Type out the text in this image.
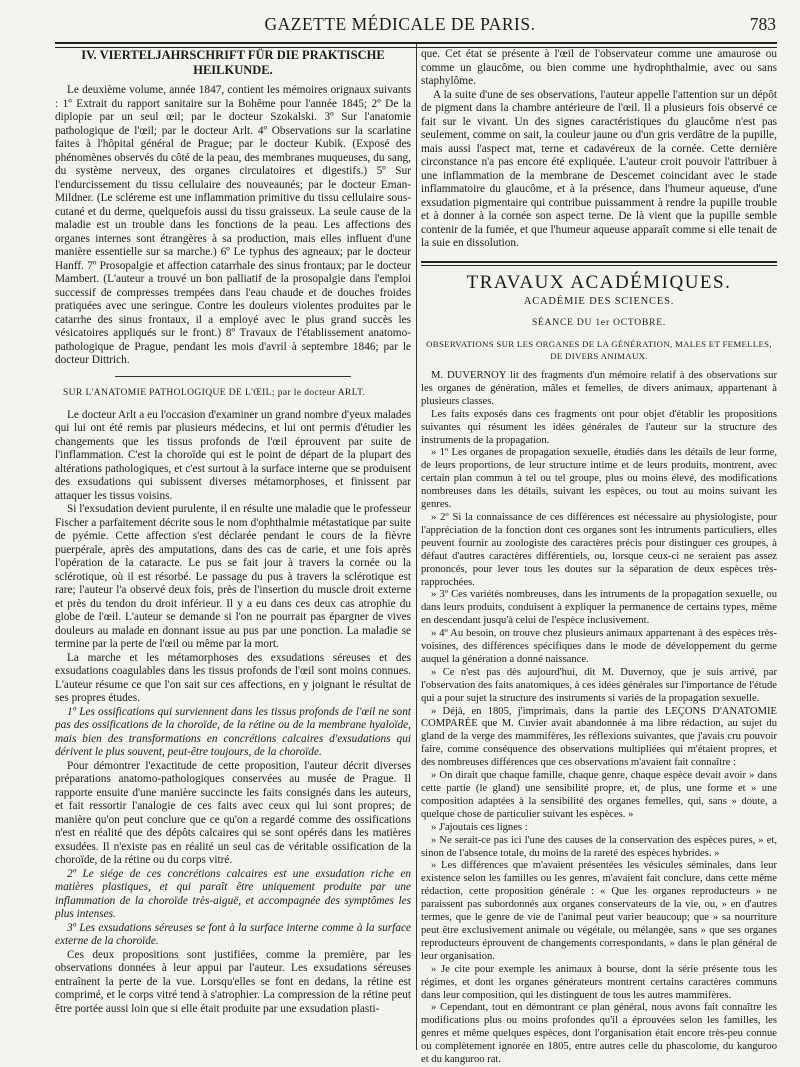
GAZETTE MÉDICALE DE PARIS.	783
IV. VIERTELJAHRSCHRIFT FÜR DIE PRAKTISCHE
HEILKUNDE.

Le deuxième volume, année 1847, contient les mémoires orignaux suivants : 1º Extrait du rapport sanitaire sur la Bohême pour l'année 1845; 2º De la diplopie par un seul œil; par le docteur Szokalski. 3º Sur l'anatomie pathologique de l'œil; par le docteur Arlt. 4º Observations sur la scarlatine faites à l'hôpital général de Prague; par le docteur Kubik. (Exposé des phénomènes observés du côté de la peau, des membranes muqueuses, du sang, du système nerveux, des organes circulatoires et digestifs.) 5º Sur l'endurcissement du tissu cellulaire des nouveaunés; par le docteur Eman-Mildner. (Le scléreme est une inflammation primitive du tissu cellulaire sous-cutané et du derme, quelquefois aussi du tissu graisseux. La seule cause de la maladie est un trouble dans les fonctions de la peau. Les affections des organes internes sont étrangères à sa production, mais elles influent d'une manière essentielle sur sa marche.) 6º Le typhus des agneaux; par le docteur Hanff. 7º Prosopalgie et affection catarrhale des sinus frontaux; par le docteur Mambert. (L'auteur a trouvé un bon palliatif de la prosopalgie dans l'emploi successif de compresses trempées dans l'eau chaude et de douches froides pratiquées avec une seringue. Contre les douleurs violentes produites par le catarrhe des sinus frontaux, il a employé avec le plus grand succès les vésicatoires appliqués sur le front.) 8º Travaux de l'établissement anatomo-pathologique de Prague, pendant les mois d'avril à septembre 1846; par le docteur Dittrich.

SUR L'ANATOMIE PATHOLOGIQUE DE L'ŒIL; par le docteur ARLT.

Le docteur Arlt a eu l'occasion d'examiner un grand nombre d'yeux malades qui lui ont été remis par plusieurs médecins, et lui ont permis d'étudier les changements que les tissus profonds de l'œil éprouvent par suite de l'inflammation. C'est la choroïde qui est le point de départ de la plupart des altérations pathologiques, et c'est surtout à la surface interne que se produisent des exsudations qui subissent diverses métamorphoses, et finissent par attaquer les tissus voisins.

Si l'exsudation devient purulente, il en résulte une maladie que le professeur Fischer a parfaitement décrite sous le nom d'ophthalmie métastatique par suite de pyémie. Cette affection s'est déclarée pendant le cours de la fièvre puerpérale, après des amputations, dans des cas de carie, et une fois après l'opération de la cataracte. Le pus se fait jour à travers la cornée ou la sclérotique, où il est résorbé. Le passage du pus à travers la sclérotique est rare; l'auteur l'a observé deux fois, près de l'insertion du muscle droit externe et près du tendon du droit inférieur. Il y a eu dans ces deux cas atrophie du globe de l'œil. L'auteur se demande si l'on ne pourrait pas épargner de vives douleurs au malade en donnant issue au pus par une ponction. La maladie se termine par la perte de l'œil ou même par la mort.

La marche et les métamorphoses des exsudations séreuses et des exsudations coagulables dans les tissus profonds de l'œil sont moins connues. L'auteur résume ce que l'on sait sur ces affections, en y joignant le résultat de ses propres études.

1º Les ossifications qui surviennent dans les tissus profonds de l'œil ne sont pas des ossifications de la choroïde, de la rétine ou de la membrane hyaloïde, mais bien des transformations en concrétions calcaires d'exsudations qui dérivent le plus souvent, peut-être toujours, de la choroïde.

Pour démontrer l'exactitude de cette proposition, l'auteur décrit diverses préparations anatomo-pathologiques conservées au musée de Prague. Il rapporte ensuite d'une manière succincte les faits consignés dans les auteurs, et fait ressortir l'analogie de ces faits avec ceux qui lui sont propres; de manière qu'on peut conclure que ce qu'on a regardé comme des ossifications n'est en réalité que des dépôts calcaires qui se sont opérés dans les matières exsudées. Il n'existe pas en réalité un seul cas de véritable ossification de la choroïde, de la rétine ou du corps vitré.

2º Le siége de ces concrétions calcaires est une exsudation riche en matières plastiques, et qui paraît être uniquement produite par une inflammation de la choroïde très-aiguë, et accompagnée des symptômes les plus intenses.

3º Les exsudations séreuses se font à la surface interne comme à la surface externe de la choroïde.

Ces deux propositions sont justifiées, comme la première, par les observations données à leur appui par l'auteur. Les exsudations séreuses entraînent la perte de la vue. Lorsqu'elles se font en dedans, la rétine est comprimé, et le corps vitré tend à s'atrophier. La compression de la rétine peut être portée aussi loin que si elle était produite par une exsudation plasti-

que. Cet état se présente à l'œil de l'observateur comme une amaurose ou comme un glaucôme, ou bien comme une hydrophthalmie, avec ou sans staphylôme.

A la suite d'une de ses observations, l'auteur appelle l'attention sur un dépôt de pigment dans la chambre antérieure de l'œil. Il a plusieurs fois observé ce fait sur le vivant. Un des signes caractéristiques du glaucôme n'est pas seulement, comme on sait, la couleur jaune ou d'un gris verdâtre de la pupille, mais aussi l'aspect mat, terne et cadavéreux de la cornée. Cette dernière circonstance n'a pas encore été expliquée. L'auteur croit pouvoir l'attribuer à une inflammation de la membrane de Descemet coincidant avec le stade inflammatoire du glaucôme, et à la présence, dans l'humeur aqueuse, d'une exsudation pigmentaire qui contribue puissamment à rendre la pupille trouble et à donner à la cornée son aspect terne. De là vient que la pupille semble contenir de la fumée, et que l'humeur aqueuse apparaît comme si elle tenait de la suie en dissolution.

TRAVAUX ACADÉMIQUES.
ACADÉMIE DES SCIENCES.
SÉANCE DU 1er OCTOBRE.
OBSERVATIONS SUR LES ORGANES DE LA GÉNÉRATION, MALES ET FEMELLES, DE DIVERS ANIMAUX.

M. DUVERNOY lit des fragments d'un mémoire relatif à des observations sur les organes de génération, mâles et femelles, de divers animaux, appartenant à plusieurs classes.

Les faits exposés dans ces fragments ont pour objet d'établir les propositions suivantes qui résument les idées générales de l'auteur sur la structure des instruments de la propagation.

» 1º Les organes de propagation sexuelle, étudiés dans les détails de leur forme, de leurs proportions, de leur structure intime et de leurs produits, montrent, avec certain plan commun à tel ou tel groupe, plus ou moins élevé, des modifications nombreuses dans les détails, suivant les espèces, ou tout au moins suivant les genres.

» 2º Si la connaissance de ces différences est nécessaire au physiologiste, pour l'appréciation de la fonction dont ces organes sont les intruments particuliers, elles peuvent fournir au zoologiste des caractères précis pour distinguer ces groupes, à défaut d'autres caractères différentiels, ou, lorsque ceux-ci ne seraient pas assez prononcés, pour lever tous les doutes sur la séparation de deux espèces très-rapprochées.

» 3º Ces variétés nombreuses, dans les intruments de la propagation sexuelle, ou dans leurs produits, conduisent à expliquer la permanence de certains types, même en descendant jusqu'à celui de l'espèce inclusivement.

» 4º Au besoin, on trouve chez plusieurs animaux appartenant à des espèces très-voisines, des différences spécifiques dans le mode de développement du germe auquel la génération a donné naissance.

» Ce n'est pas dès aujourd'hui, dit M. Duvernoy, que je suis arrivé, par l'observation des faits anatomiques, à ces idées générales sur l'importance de l'étude qui a pour sujet la structure des instruments si variés de la propagation sexuelle.

» Déjà, en 1805, j'imprimais, dans la partie des LEÇONS D'ANATOMIE COMPARÉE que M. Cuvier avait abandonnée à ma libre rédaction, au sujet du gland de la verge des mammifères, les réflexions suivantes, que j'avais cru pouvoir faire, comme conséquence des observations multipliées qui m'étaient propres, et des nombreuses différences que ces observations m'avaient fait connaître :

» On dirait que chaque famille, chaque genre, chaque espèce devait avoir » dans cette partie (le gland) une sensibilité propre, et, de plus, une forme et » une composition adaptées à la sensibilité des organes femelles, qui, sans » doute, a quelque chose de particulier suivant les espèces. »

» J'ajoutais ces lignes :

» Ne serait-ce pas ici l'une des causes de la conservation des espèces pures, » et, sinon de l'absence totale, du moins de la rareté des espèces hybrides. »

» Les différences que m'avaient présentées les vésicules séminales, dans leur existence selon les familles ou les genres, m'avaient fait conclure, dans cette même rédaction, cette proposition générale : « Que les organes reproducteurs » ne paraissent pas subordonnés aux organes conservateurs de la vie, ou, » en d'autres termes, que le genre de vie de l'animal peut varier beaucoup; que » sa nourriture peut être exclusivement animale ou végétale, ou mélangée, sans » que ses organes reproducteurs éprouvent de changements correspondants, » dans le plan général de leur organisation.

» Je cite pour exemple les animaux à bourse, dont la série présente tous les régimes, et dont les organes générateurs montrent certains caractères communs dans leur composition, qui les distinguent de tous les autres mammifères.

» Cependant, tout en démontrant ce plan général, nous avons fait connaître les modifications plus ou moins profondes qu'il a éprouvées selon les familles, les genres et même quelques espèces, dont l'organisation était encore très-peu connue ou complètement ignorée en 1805, entre autres celle du phascolome, du kanguroo et du kanguroo rat.
